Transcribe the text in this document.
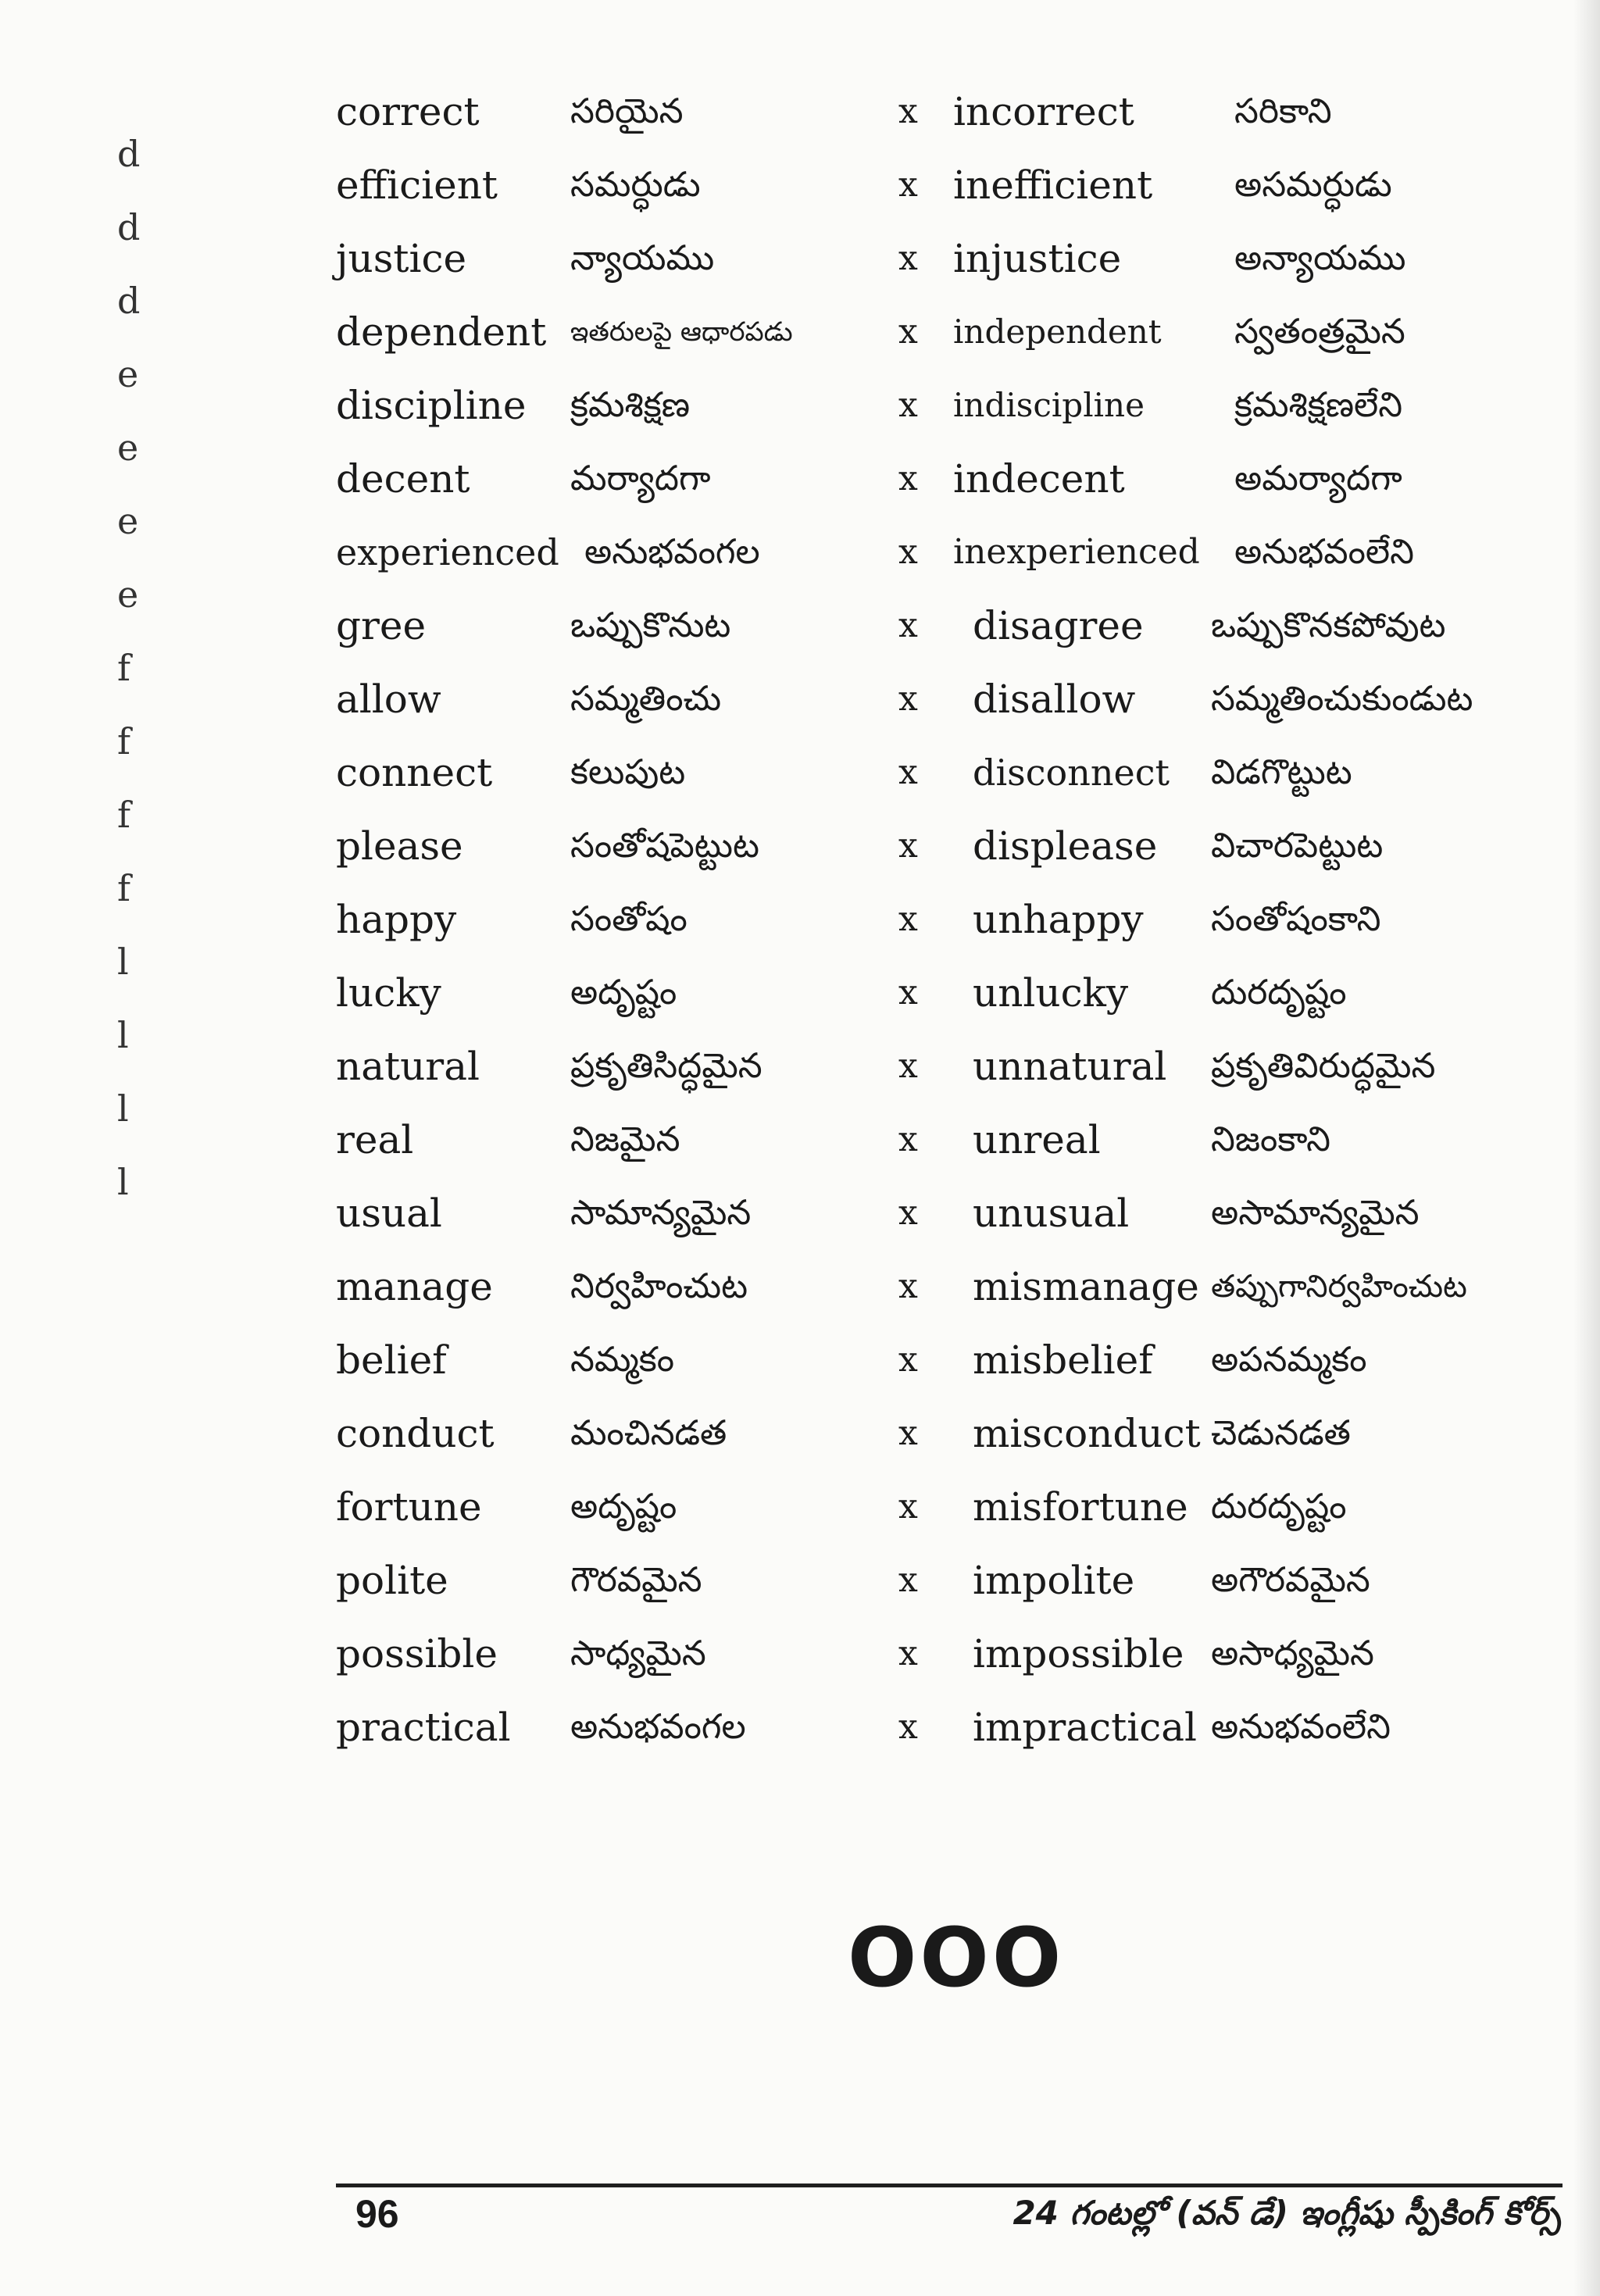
d
d
d
e
e
e
e
f
f
f
f
l
l
l
l
correct	సరియైన	x incorrect	సరికాని
efficient సమర్ధుడు	x inefficient అసమర్ధుడు
justice	న్యాయము	x injustice	అన్యాయము
dependent ఇతరులపై ఆధారపడు	x independent స్వతంత్రమైన
discipline క్రమశిక్షణ	x indiscipline	క్రమశిక్షణలేని
decent	మర్యాదగా	x indecent	అమర్యాదగా
experienced అనుభవంగల	x inexperienced అనుభవంలేని
gree	ఒప్పుకొనుట	x disagree ఒప్పుకొనకపోవుట
allow	సమ్మతించు	x disallow సమ్మతించుకుండుట
connect కలుపుట	x disconnect విడగొట్టుట
please	సంతోషపెట్టుట	x displease విచారపెట్టుట
happy	సంతోషం	x unhappy సంతోషంకాని
lucky	అదృష్టం	x unlucky దురదృష్టం
natural	ప్రకృతిసిద్ధమైన	x unnatural ప్రకృతివిరుద్ధమైన
real	నిజమైన	x unreal	నిజంకాని
usual	సామాన్యమైన	x unusual అసామాన్యమైన
manage నిర్వహించుట	x mismanage తప్పుగానిర్వహించుట
belief	నమ్మకం	x misbelief అపనమ్మకం
conduct మంచినడత	x misconduct చెడునడత
fortune	అదృష్టం	x misfortune దురదృష్టం
polite	గౌరవమైన	x impolite అగౌరవమైన
possible సాధ్యమైన	x impossible అసాధ్యమైన
practical అనుభవంగల	x impractical అనుభవంలేని
OOO
96	24 గంటల్లో (వన్ డే) ఇంగ్లీషు స్పీకింగ్ కోర్స్
